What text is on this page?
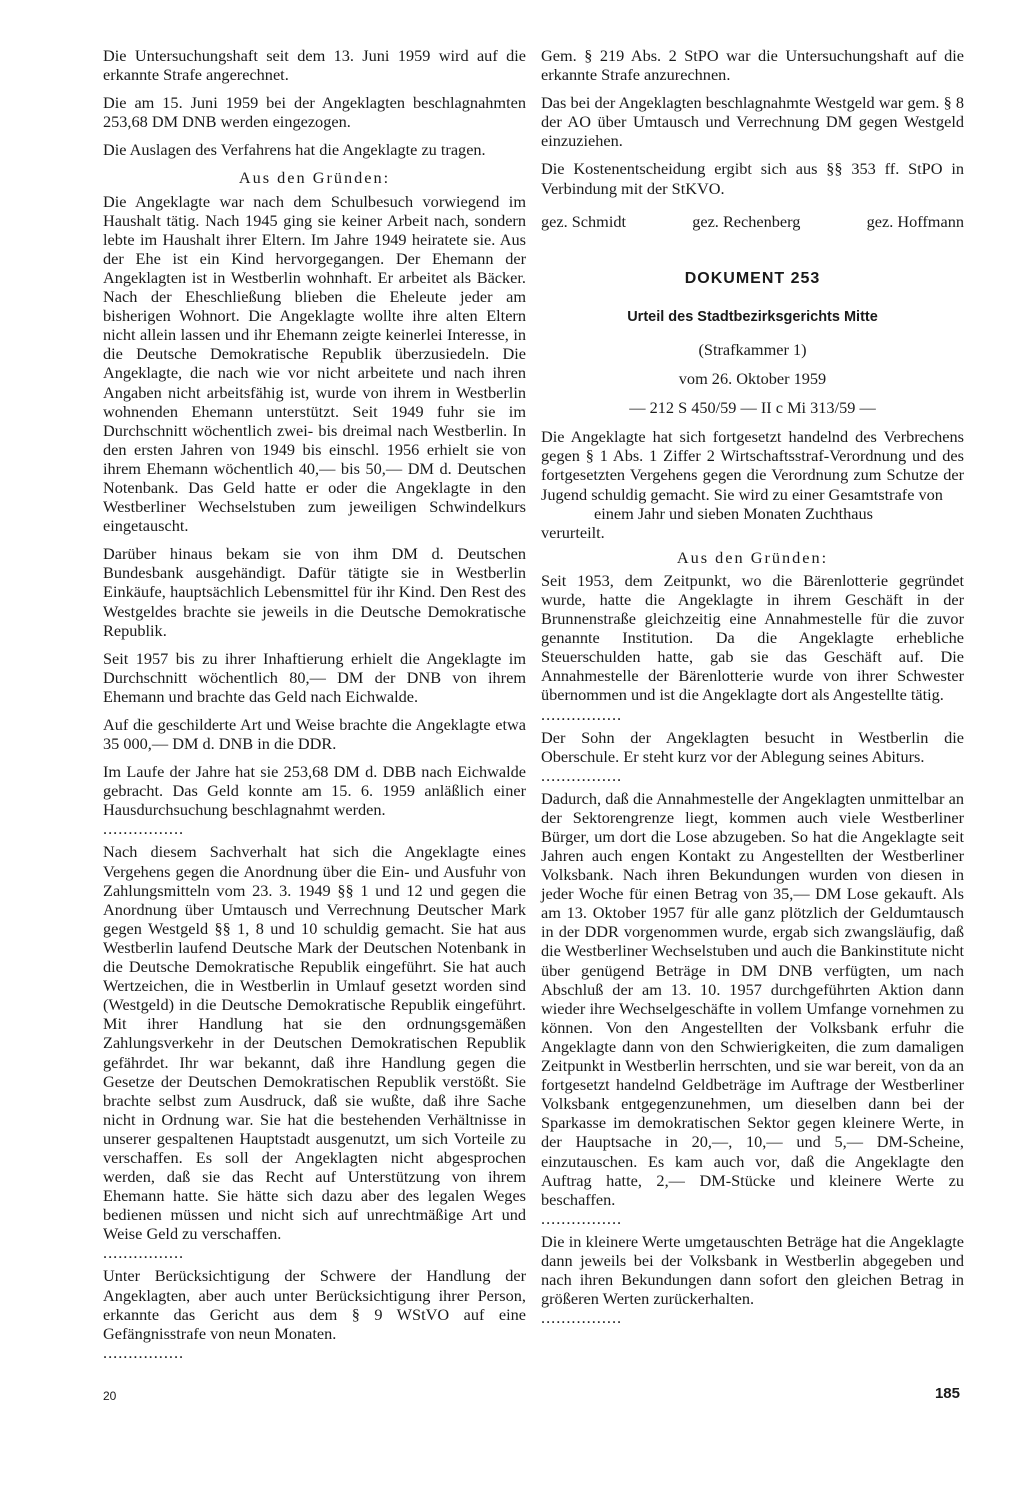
Die Untersuchungshaft seit dem 13. Juni 1959 wird auf die erkannte Strafe angerechnet.

Die am 15. Juni 1959 bei der Angeklagten beschlagnahmten 253,68 DM DNB werden eingezogen.

Die Auslagen des Verfahrens hat die Angeklagte zu tragen.

Aus den Gründen:

Die Angeklagte war nach dem Schulbesuch vorwiegend im Haushalt tätig. Nach 1945 ging sie keiner Arbeit nach, sondern lebte im Haushalt ihrer Eltern. Im Jahre 1949 heiratete sie. Aus der Ehe ist ein Kind hervorgegangen. Der Ehemann der Angeklagten ist in Westberlin wohnhaft. Er arbeitet als Bäcker. Nach der Eheschließung blieben die Eheleute jeder am bisherigen Wohnort. Die Angeklagte wollte ihre alten Eltern nicht allein lassen und ihr Ehemann zeigte keinerlei Interesse, in die Deutsche Demokratische Republik überzusiedeln. Die Angeklagte, die nach wie vor nicht arbeitete und nach ihren Angaben nicht arbeitsfähig ist, wurde von ihrem in Westberlin wohnenden Ehemann unterstützt. Seit 1949 fuhr sie im Durchschnitt wöchentlich zwei- bis dreimal nach Westberlin. In den ersten Jahren von 1949 bis einschl. 1956 erhielt sie von ihrem Ehemann wöchentlich 40,— bis 50,— DM d. Deutschen Notenbank. Das Geld hatte er oder die Angeklagte in den Westberliner Wechselstuben zum jeweiligen Schwindelkurs eingetauscht.

Darüber hinaus bekam sie von ihm DM d. Deutschen Bundesbank ausgehändigt. Dafür tätigte sie in Westberlin Einkäufe, hauptsächlich Lebensmittel für ihr Kind. Den Rest des Westgeldes brachte sie jeweils in die Deutsche Demokratische Republik.

Seit 1957 bis zu ihrer Inhaftierung erhielt die Angeklagte im Durchschnitt wöchentlich 80,— DM der DNB von ihrem Ehemann und brachte das Geld nach Eichwalde.

Auf die geschilderte Art und Weise brachte die Angeklagte etwa 35 000,— DM d. DNB in die DDR.

Im Laufe der Jahre hat sie 253,68 DM d. DBB nach Eichwalde gebracht. Das Geld konnte am 15. 6. 1959 anläßlich einer Hausdurchsuchung beschlagnahmt werden.

................

Nach diesem Sachverhalt hat sich die Angeklagte eines Vergehens gegen die Anordnung über die Ein- und Ausfuhr von Zahlungsmitteln vom 23. 3. 1949 §§ 1 und 12 und gegen die Anordnung über Umtausch und Verrechnung Deutscher Mark gegen Westgeld §§ 1, 8 und 10 schuldig gemacht. Sie hat aus Westberlin laufend Deutsche Mark der Deutschen Notenbank in die Deutsche Demokratische Republik eingeführt. Sie hat auch Wertzeichen, die in Westberlin in Umlauf gesetzt worden sind (Westgeld) in die Deutsche Demokratische Republik eingeführt. Mit ihrer Handlung hat sie den ordnungsgemäßen Zahlungsverkehr in der Deutschen Demokratischen Republik gefährdet. Ihr war bekannt, daß ihre Handlung gegen die Gesetze der Deutschen Demokratischen Republik verstößt. Sie brachte selbst zum Ausdruck, daß sie wußte, daß ihre Sache nicht in Ordnung war. Sie hat die bestehenden Verhältnisse in unserer gespaltenen Hauptstadt ausgenutzt, um sich Vorteile zu verschaffen. Es soll der Angeklagten nicht abgesprochen werden, daß sie das Recht auf Unterstützung von ihrem Ehemann hatte. Sie hätte sich dazu aber des legalen Weges bedienen müssen und nicht sich auf unrechtmäßige Art und Weise Geld zu verschaffen.

................

Unter Berücksichtigung der Schwere der Handlung der Angeklagten, aber auch unter Berücksichtigung ihrer Person, erkannte das Gericht aus dem § 9 WStVO auf eine Gefängnisstrafe von neun Monaten.

................

Gem. § 219 Abs. 2 StPO war die Untersuchungshaft auf die erkannte Strafe anzurechnen.

Das bei der Angeklagten beschlagnahmte Westgeld war gem. § 8 der AO über Umtausch und Verrechnung DM gegen Westgeld einzuziehen.

Die Kostenentscheidung ergibt sich aus §§ 353 ff. StPO in Verbindung mit der StKVO.

gez. Schmidt	gez. Rechenberg	gez. Hoffmann
DOKUMENT 253
Urteil des Stadtbezirksgerichts Mitte
(Strafkammer 1)
vom 26. Oktober 1959
— 212 S 450/59 — II c Mi 313/59 —

Die Angeklagte hat sich fortgesetzt handelnd des Verbrechens gegen § 1 Abs. 1 Ziffer 2 Wirtschaftsstraf-Verordnung und des fortgesetzten Vergehens gegen die Verordnung zum Schutze der Jugend schuldig gemacht. Sie wird zu einer Gesamtstrafe von

einem Jahr und sieben Monaten Zuchthaus

verurteilt.

Aus den Gründen:

Seit 1953, dem Zeitpunkt, wo die Bärenlotterie gegründet wurde, hatte die Angeklagte in ihrem Geschäft in der Brunnenstraße gleichzeitig eine Annahmestelle für die zuvor genannte Institution. Da die Angeklagte erhebliche Steuerschulden hatte, gab sie das Geschäft auf. Die Annahmestelle der Bärenlotterie wurde von ihrer Schwester übernommen und ist die Angeklagte dort als Angestellte tätig.

................

Der Sohn der Angeklagten besucht in Westberlin die Oberschule. Er steht kurz vor der Ablegung seines Abiturs.

................

Dadurch, daß die Annahmestelle der Angeklagten unmittelbar an der Sektorengrenze liegt, kommen auch viele Westberliner Bürger, um dort die Lose abzugeben. So hat die Angeklagte seit Jahren auch engen Kontakt zu Angestellten der Westberliner Volksbank. Nach ihren Bekundungen wurden von diesen in jeder Woche für einen Betrag von 35,— DM Lose gekauft. Als am 13. Oktober 1957 für alle ganz plötzlich der Geldumtausch in der DDR vorgenommen wurde, ergab sich zwangsläufig, daß die Westberliner Wechselstuben und auch die Bankinstitute nicht über genügend Beträge in DM DNB verfügten, um nach Abschluß der am 13. 10. 1957 durchgeführten Aktion dann wieder ihre Wechselgeschäfte in vollem Umfange vornehmen zu können. Von den Angestellten der Volksbank erfuhr die Angeklagte dann von den Schwierigkeiten, die zum damaligen Zeitpunkt in Westberlin herrschten, und sie war bereit, von da an fortgesetzt handelnd Geldbeträge im Auftrage der Westberliner Volksbank entgegenzunehmen, um dieselben dann bei der Sparkasse im demokratischen Sektor gegen kleinere Werte, in der Hauptsache in 20,—, 10,— und 5,— DM-Scheine, einzutauschen. Es kam auch vor, daß die Angeklagte den Auftrag hatte, 2,— DM-Stücke und kleinere Werte zu beschaffen.

................

Die in kleinere Werte umgetauschten Beträge hat die Angeklagte dann jeweils bei der Volksbank in Westberlin abgegeben und nach ihren Bekundungen dann sofort den gleichen Betrag in größeren Werten zurückerhalten.

................
20	185
